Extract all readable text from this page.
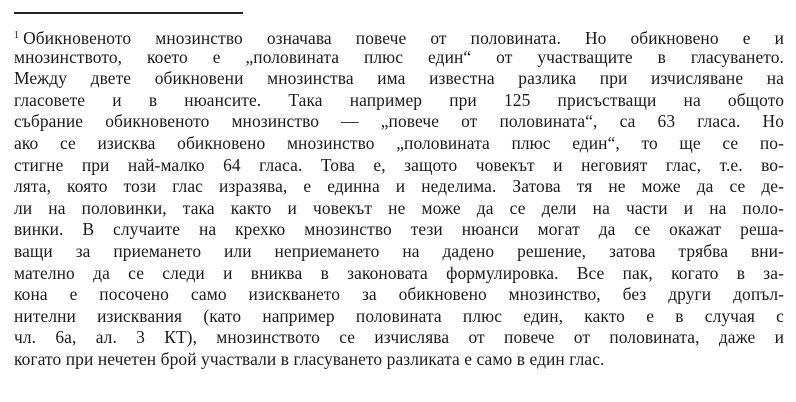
$^1$ Обикновеното мнозинство означава повече от половината. Но обикновено е и
мнозинството, което е „половината плюс един“ от участващите в гласуването.
Между двете обикновени мнозинства има известна разлика при изчисляване на
гласовете и в нюансите. Така например при 125 присъстващи на общото
събрание обикновеното мнозинство — „повече от половината“, са 63 гласа. Но
ако се изисква обикновено мнозинство „половината плюс един“, то ще се по-
стигне при най-малко 64 гласа. Това е, защото човекът и неговият глас, т.е. во-
лята, която този глас изразява, е единна и неделима. Затова тя не може да се де-
ли на половинки, така както и човекът не може да се дели на части и на поло-
винки. В случаите на крехко мнозинство тези нюанси могат да се окажат реша-
ващи за приемането или неприемането на дадено решение, затова трябва вни-
мателно да се следи и вниква в законовата формулировка. Все пак, когато в за-
кона е посочено само изискването за обикновено мнозинство, без други допъл-
нителни изисквания (като например половината плюс един, както е в случая с
чл. 6а, ал. 3 КТ), мнозинството се изчислява от повече от половината, даже и
когато при нечетен брой участвали в гласуването разликата е само в един глас.
